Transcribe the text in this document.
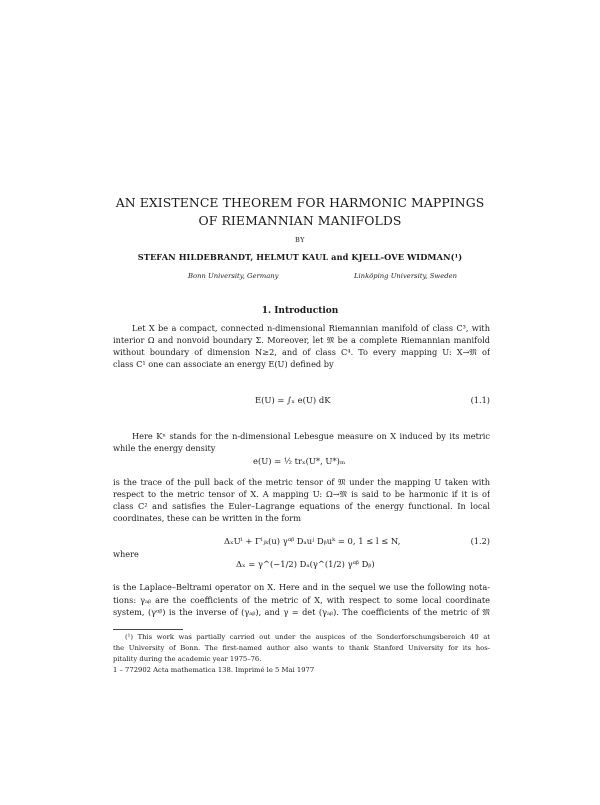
AN EXISTENCE THEOREM FOR HARMONIC MAPPINGS
OF RIEMANNIAN MANIFOLDS
BY
STEFAN HILDEBRANDT, HELMUT KAUL and KJELL-OVE WIDMAN(¹)
Bonn University, Germany	Linköping University, Sweden
1. Introduction
Let X be a compact, connected n-dimensional Riemannian manifold of class C³, with
interior Ω and nonvoid boundary Σ. Moreover, let 𝔐 be a complete Riemannian manifold
without boundary of dimension N≥2, and of class C⁴. To every mapping U: X→𝔐 of
class C¹ one can associate an energy E(U) defined by
E(U) = ∫ₓ e(U) dK	(1.1)
Here Kⁿ stands for the n-dimensional Lebesgue measure on X induced by its metric
while the energy density
e(U) = ½ trₓ(U*, U*)ₘ
is the trace of the pull back of the metric tensor of 𝔐 under the mapping U taken with
respect to the metric tensor of X. A mapping U: Ω→𝔐 is said to be harmonic if it is of
class C² and satisfies the Euler–Lagrange equations of the energy functional. In local
coordinates, these can be written in the form
ΔₓUˡ + Γˡⱼₖ(u) γᵅᵝ Dₐuʲ Dᵦuᵏ = 0, 1 ≤ l ≤ N,	(1.2)
where
Δₓ = γ^(−1/2) Dₐ(γ^(1/2) γᵅᵝ Dᵦ)
is the Laplace–Beltrami operator on X. Here and in the sequel we use the following nota-
tions: γₐᵦ are the coefficients of the metric of X, with respect to some local coordinate
system, (γᵅᵝ) is the inverse of (γₐᵦ), and γ = det (γₐᵦ). The coefficients of the metric of 𝔐
(¹) This work was partially carried out under the auspices of the Sonderforschungsbereich 40 at
the University of Bonn. The first-named author also wants to thank Stanford University for its hos-
pitality during the academic year 1975–76.
1 – 772902 Acta mathematica 138. Imprimé le 5 Mai 1977
